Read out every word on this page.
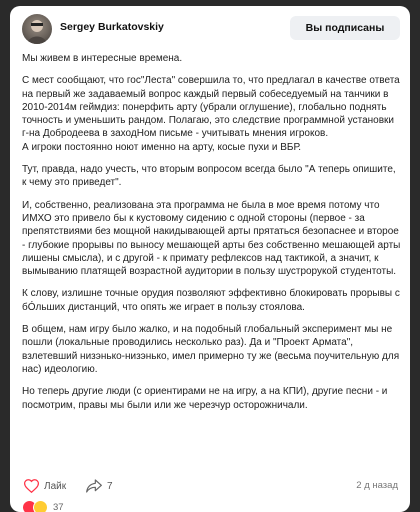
Sergey Burkatovskiy	Вы подписаны

Мы живем в интересные времена.

С мест сообщают, что гос"Леста" совершила то, что предлагал в качестве ответа на первый же задаваемый вопрос каждый первый собеседуемый на танчики в 2010-2014м геймдиз: понерфить арту (убрали оглушение), глобально поднять точность и уменьшить рандом. Полагаю, это следствие программной установки г-на Добродеева в заходНом письме - учитывать мнения игроков.

А игроки постоянно ноют именно на арту, косые пухи и ВБР.

Тут, правда, надо учесть, что вторым вопросом всегда было "А теперь опишите, к чему это приведет".

И, собственно, реализована эта программа не была в мое время потому что ИМХО это привело бы к кустовому сидению с одной стороны (первое - за препятствиями без мощной накидывающей арты прятаться безопаснее и второе - глубокие прорывы по выносу мешающей арты без собственно мешающей арты лишены смысла), и с другой - к примату рефлексов над тактикой, а значит, к вымыванию платящей возрастной аудитории в пользу шустрорукой студентоты.

К слову, излишне точные орудия позволяют эффективно блокировать прорывы с бÓльших дистанций, что опять же играет в пользу стоялова.

В общем, нам игру было жалко, и на подобный глобальный эксперимент мы не пошли (локальные проводились несколько раз). Да и "Проект Армата", взлетевший низэнько-низэнько, имел примерно ту же (весьма поучительную для нас) идеологию.

Но теперь другие люди (с ориентирами не на игру, а на КПИ), другие песни - и посмотрим, правы мы были или же черезчур осторожничали.

Лайк	7	2 д назад
37
